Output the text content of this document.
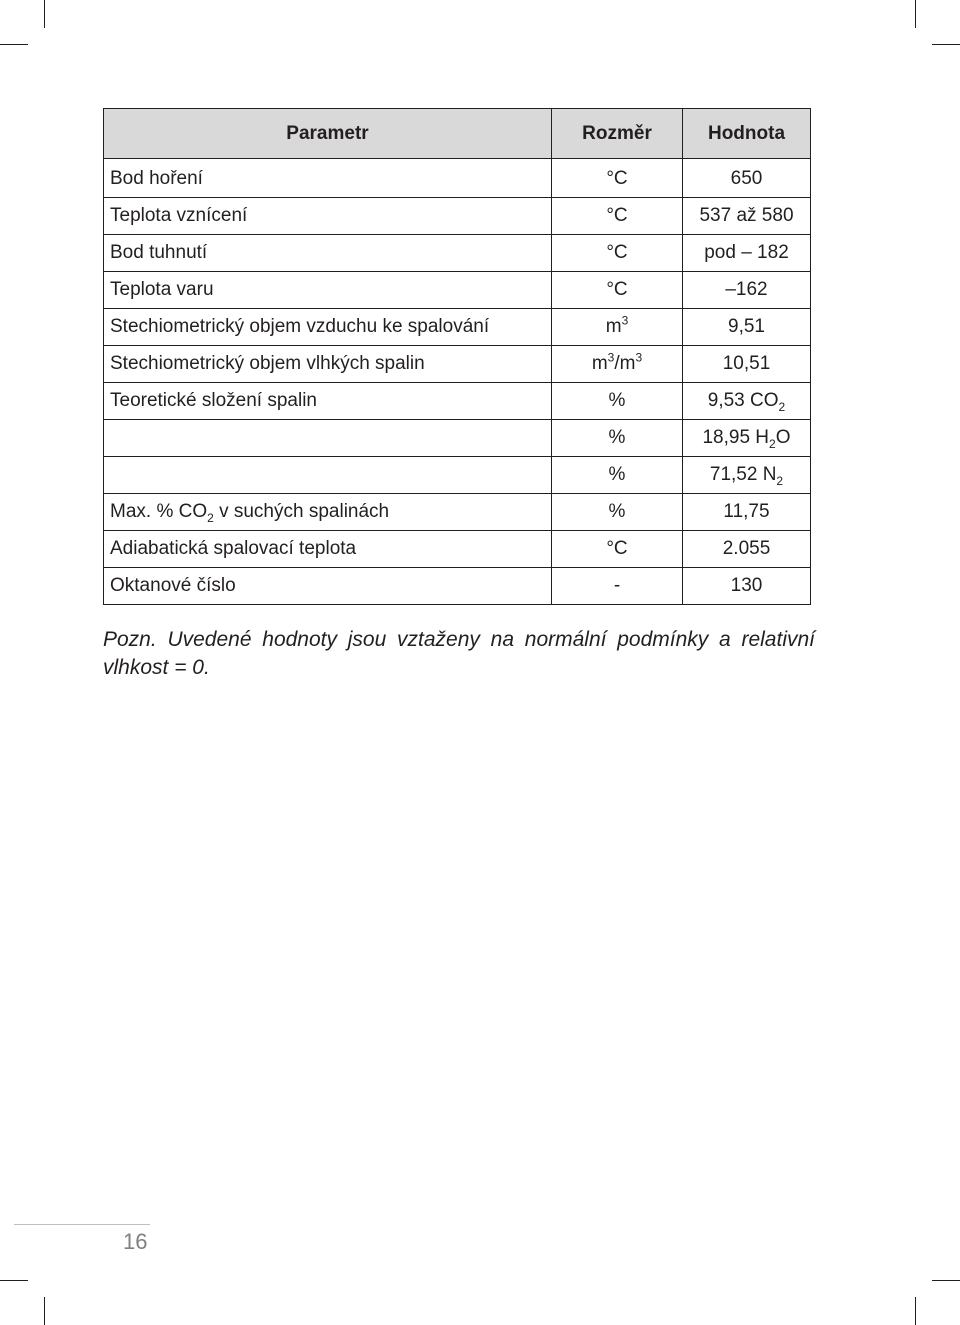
Parametr	Rozměr	Hodnota
Bod hoření	°C	650
Teplota vznícení	°C	537 až 580
Bod tuhnutí	°C	pod – 182
Teplota varu	°C	–162
Stechiometrický objem vzduchu ke spalování	$m^3$	9,51
Stechiometrický objem vlhkých spalin	$m^3/m^3$	10,51
Teoretické složení spalin	%	9,53 $CO_2$
	%	18,95 $H_2O$
	%	71,52 $N_2$
Max. % $CO_2$ v suchých spalinách	%	11,75
Adiabatická spalovací teplota	°C	2.055
Oktanové číslo	-	130
Pozn. Uvedené hodnoty jsou vztaženy na normální podmínky a relativní vlhkost = 0.
16
